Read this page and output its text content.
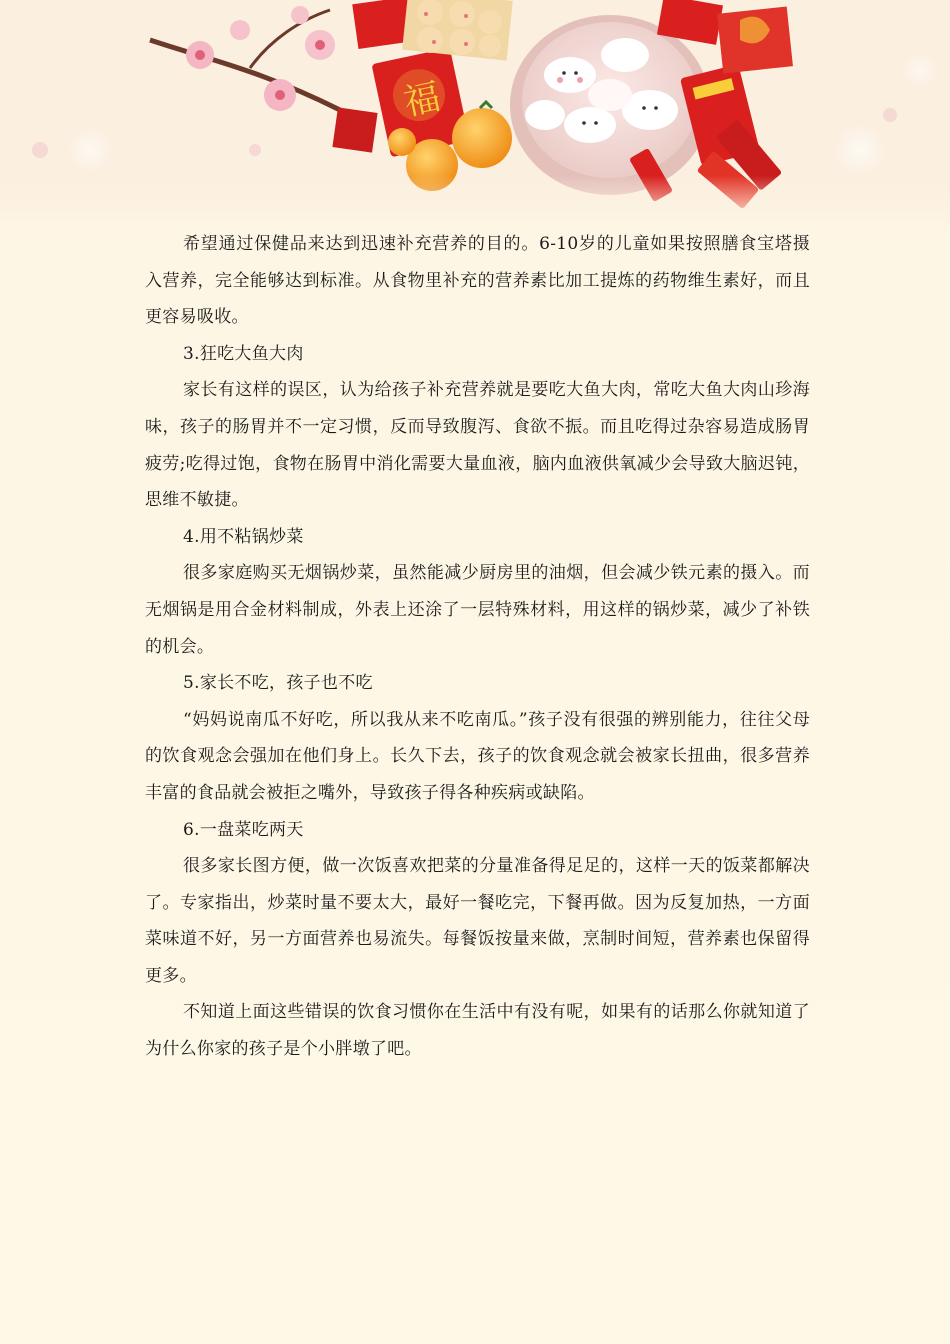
希望通过保健品来达到迅速补充营养的目的。6-10岁的儿童如果按照膳食宝塔摄入营养，完全能够达到标准。从食物里补充的营养素比加工提炼的药物维生素好，而且更容易吸收。

3.狂吃大鱼大肉

家长有这样的误区，认为给孩子补充营养就是要吃大鱼大肉，常吃大鱼大肉山珍海味，孩子的肠胃并不一定习惯，反而导致腹泻、食欲不振。而且吃得过杂容易造成肠胃疲劳;吃得过饱，食物在肠胃中消化需要大量血液，脑内血液供氧减少会导致大脑迟钝，思维不敏捷。

4.用不粘锅炒菜

很多家庭购买无烟锅炒菜，虽然能减少厨房里的油烟，但会减少铁元素的摄入。而无烟锅是用合金材料制成，外表上还涂了一层特殊材料，用这样的锅炒菜，减少了补铁的机会。

5.家长不吃，孩子也不吃

“妈妈说南瓜不好吃，所以我从来不吃南瓜。”孩子没有很强的辨别能力，往往父母的饮食观念会强加在他们身上。长久下去，孩子的饮食观念就会被家长扭曲，很多营养丰富的食品就会被拒之嘴外，导致孩子得各种疾病或缺陷。

6.一盘菜吃两天

很多家长图方便，做一次饭喜欢把菜的分量准备得足足的，这样一天的饭菜都解决了。专家指出，炒菜时量不要太大，最好一餐吃完，下餐再做。因为反复加热，一方面菜味道不好，另一方面营养也易流失。每餐饭按量来做，烹制时间短，营养素也保留得更多。

不知道上面这些错误的饮食习惯你在生活中有没有呢，如果有的话那么你就知道了为什么你家的孩子是个小胖墩了吧。
